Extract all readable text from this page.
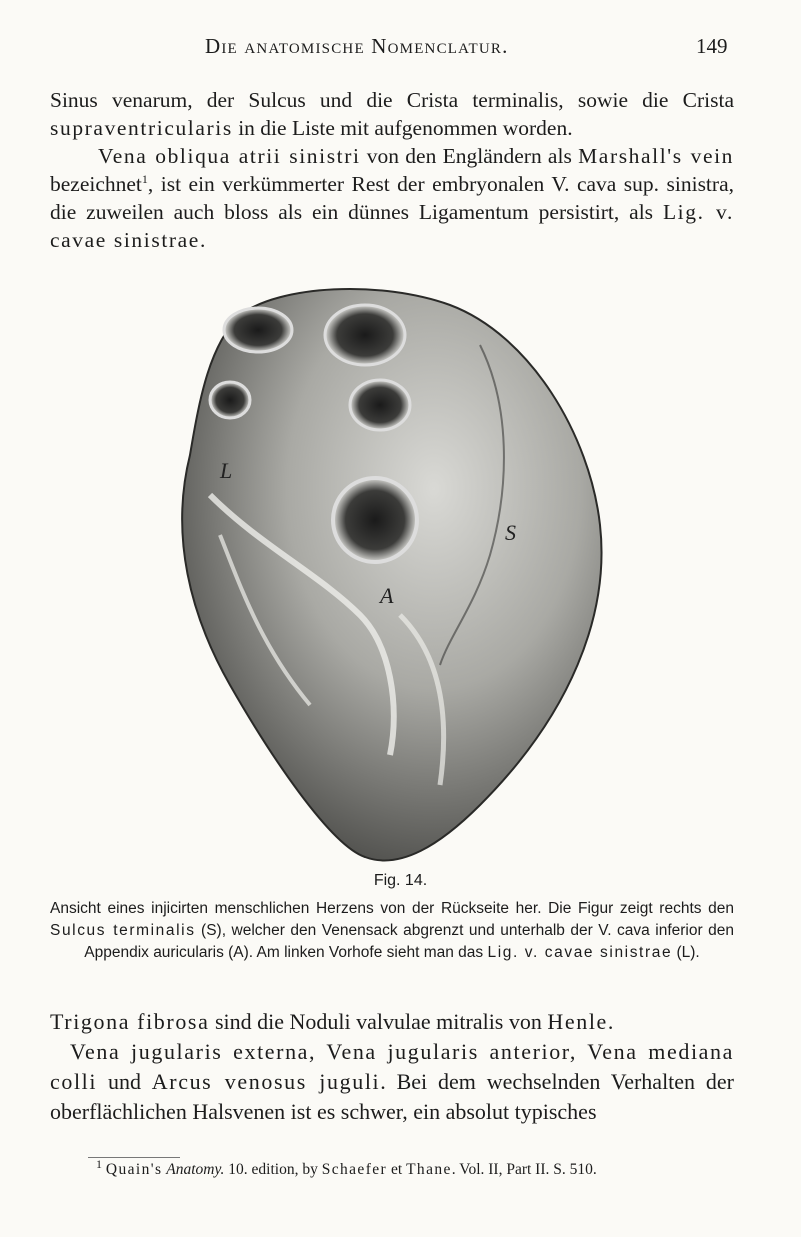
Die anatomische Nomenclatur.	149

Sinus venarum, der Sulcus und die Crista terminalis, sowie die Crista supraventricularis in die Liste mit aufgenommen worden.

Vena obliqua atrii sinistri von den Engländern als Marshall's vein bezeichnet$^1$, ist ein verkümmerter Rest der embryonalen V. cava sup. sinistra, die zuweilen auch bloss als ein dünnes Ligamentum persistirt, als Lig. v. cavae sinistrae.

L
S
A
Fig. 14.

Ansicht eines injicirten menschlichen Herzens von der Rückseite her. Die Figur zeigt rechts den Sulcus terminalis (S), welcher den Venensack abgrenzt und unterhalb der V. cava inferior den Appendix auricularis (A). Am linken Vorhofe sieht man das Lig. v. cavae sinistrae (L).

Trigona fibrosa sind die Noduli valvulae mitralis von Henle.

Vena jugularis externa, Vena jugularis anterior, Vena mediana colli und Arcus venosus juguli. Bei dem wechselnden Verhalten der oberflächlichen Halsvenen ist es schwer, ein absolut typisches

$^1$ Quain's Anatomy. 10. edition, by Schaefer et Thane. Vol. II, Part II. S. 510.
